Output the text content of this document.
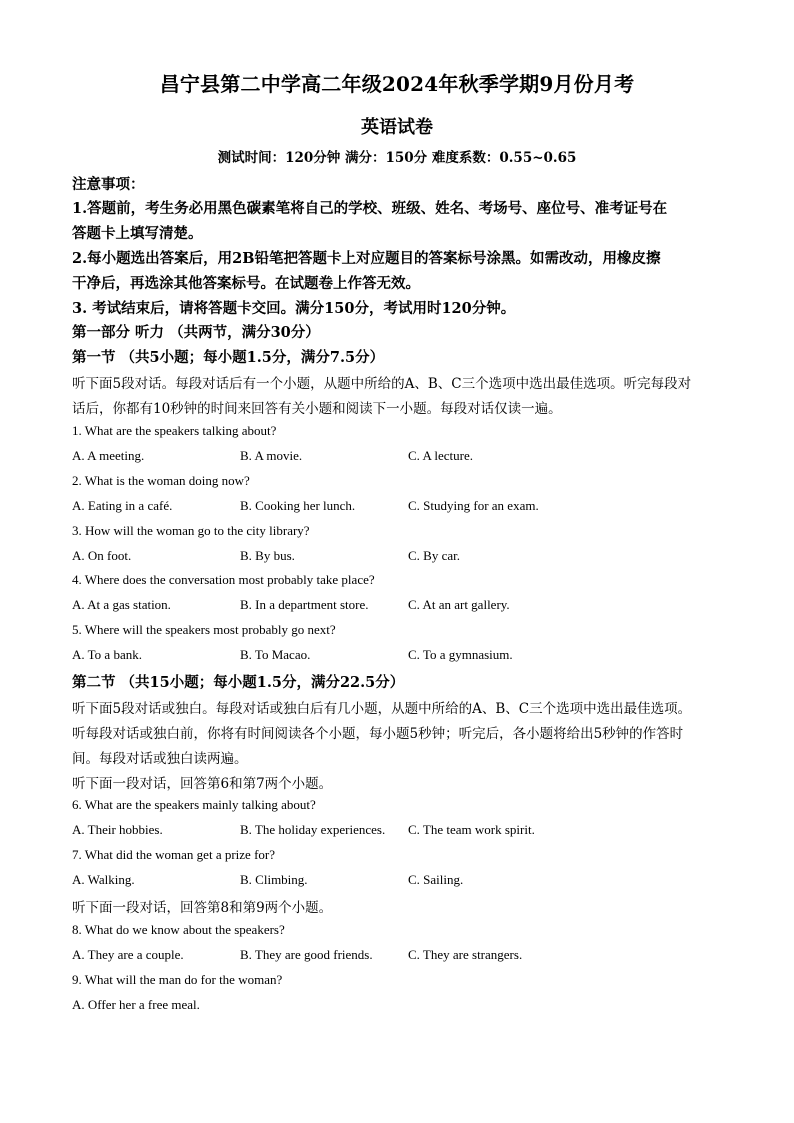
昌宁县第二中学高二年级2024年秋季学期9月份月考
英语试卷
测试时间：120分钟 满分：150分 难度系数：0.55~0.65
注意事项：
1.答题前，考生务必用黑色碳素笔将自己的学校、班级、姓名、考场号、座位号、准考证号在
答题卡上填写清楚。
2.每小题选出答案后，用2B铅笔把答题卡上对应题目的答案标号涂黑。如需改动，用橡皮擦
干净后，再选涂其他答案标号。在试题卷上作答无效。
3. 考试结束后，请将答题卡交回。满分150分，考试用时120分钟。
第一部分 听力 （共两节，满分30分）
第一节 （共5小题；每小题1.5分，满分7.5分）
听下面5段对话。每段对话后有一个小题，从题中所给的A、B、C三个选项中选出最佳选项。听完每段对
话后，你都有10秒钟的时间来回答有关小题和阅读下一小题。每段对话仅读一遍。
1. What are the speakers talking about?
A. A meeting.	B. A movie.	C. A lecture.
2. What is the woman doing now?
A. Eating in a café.	B. Cooking her lunch.	C. Studying for an exam.
3. How will the woman go to the city library?
A. On foot.	B. By bus.	C. By car.
4. Where does the conversation most probably take place?
A. At a gas station.	B. In a department store.	C. At an art gallery.
5. Where will the speakers most probably go next?
A. To a bank.	B. To Macao.	C. To a gymnasium.
第二节 （共15小题；每小题1.5分，满分22.5分）
听下面5段对话或独白。每段对话或独白后有几小题，从题中所给的A、B、C三个选项中选出最佳选项。
听每段对话或独白前，你将有时间阅读各个小题，每小题5秒钟；听完后，各小题将给出5秒钟的作答时
间。每段对话或独白读两遍。
听下面一段对话，回答第6和第7两个小题。
6. What are the speakers mainly talking about?
A. Their hobbies.	B. The holiday experiences. C. The team work spirit.
7. What did the woman get a prize for?
A. Walking.	B. Climbing.	C. Sailing.
听下面一段对话，回答第8和第9两个小题。
8. What do we know about the speakers?
A. They are a couple.	B. They are good friends.	C. They are strangers.
9. What will the man do for the woman?
A. Offer her a free meal.
